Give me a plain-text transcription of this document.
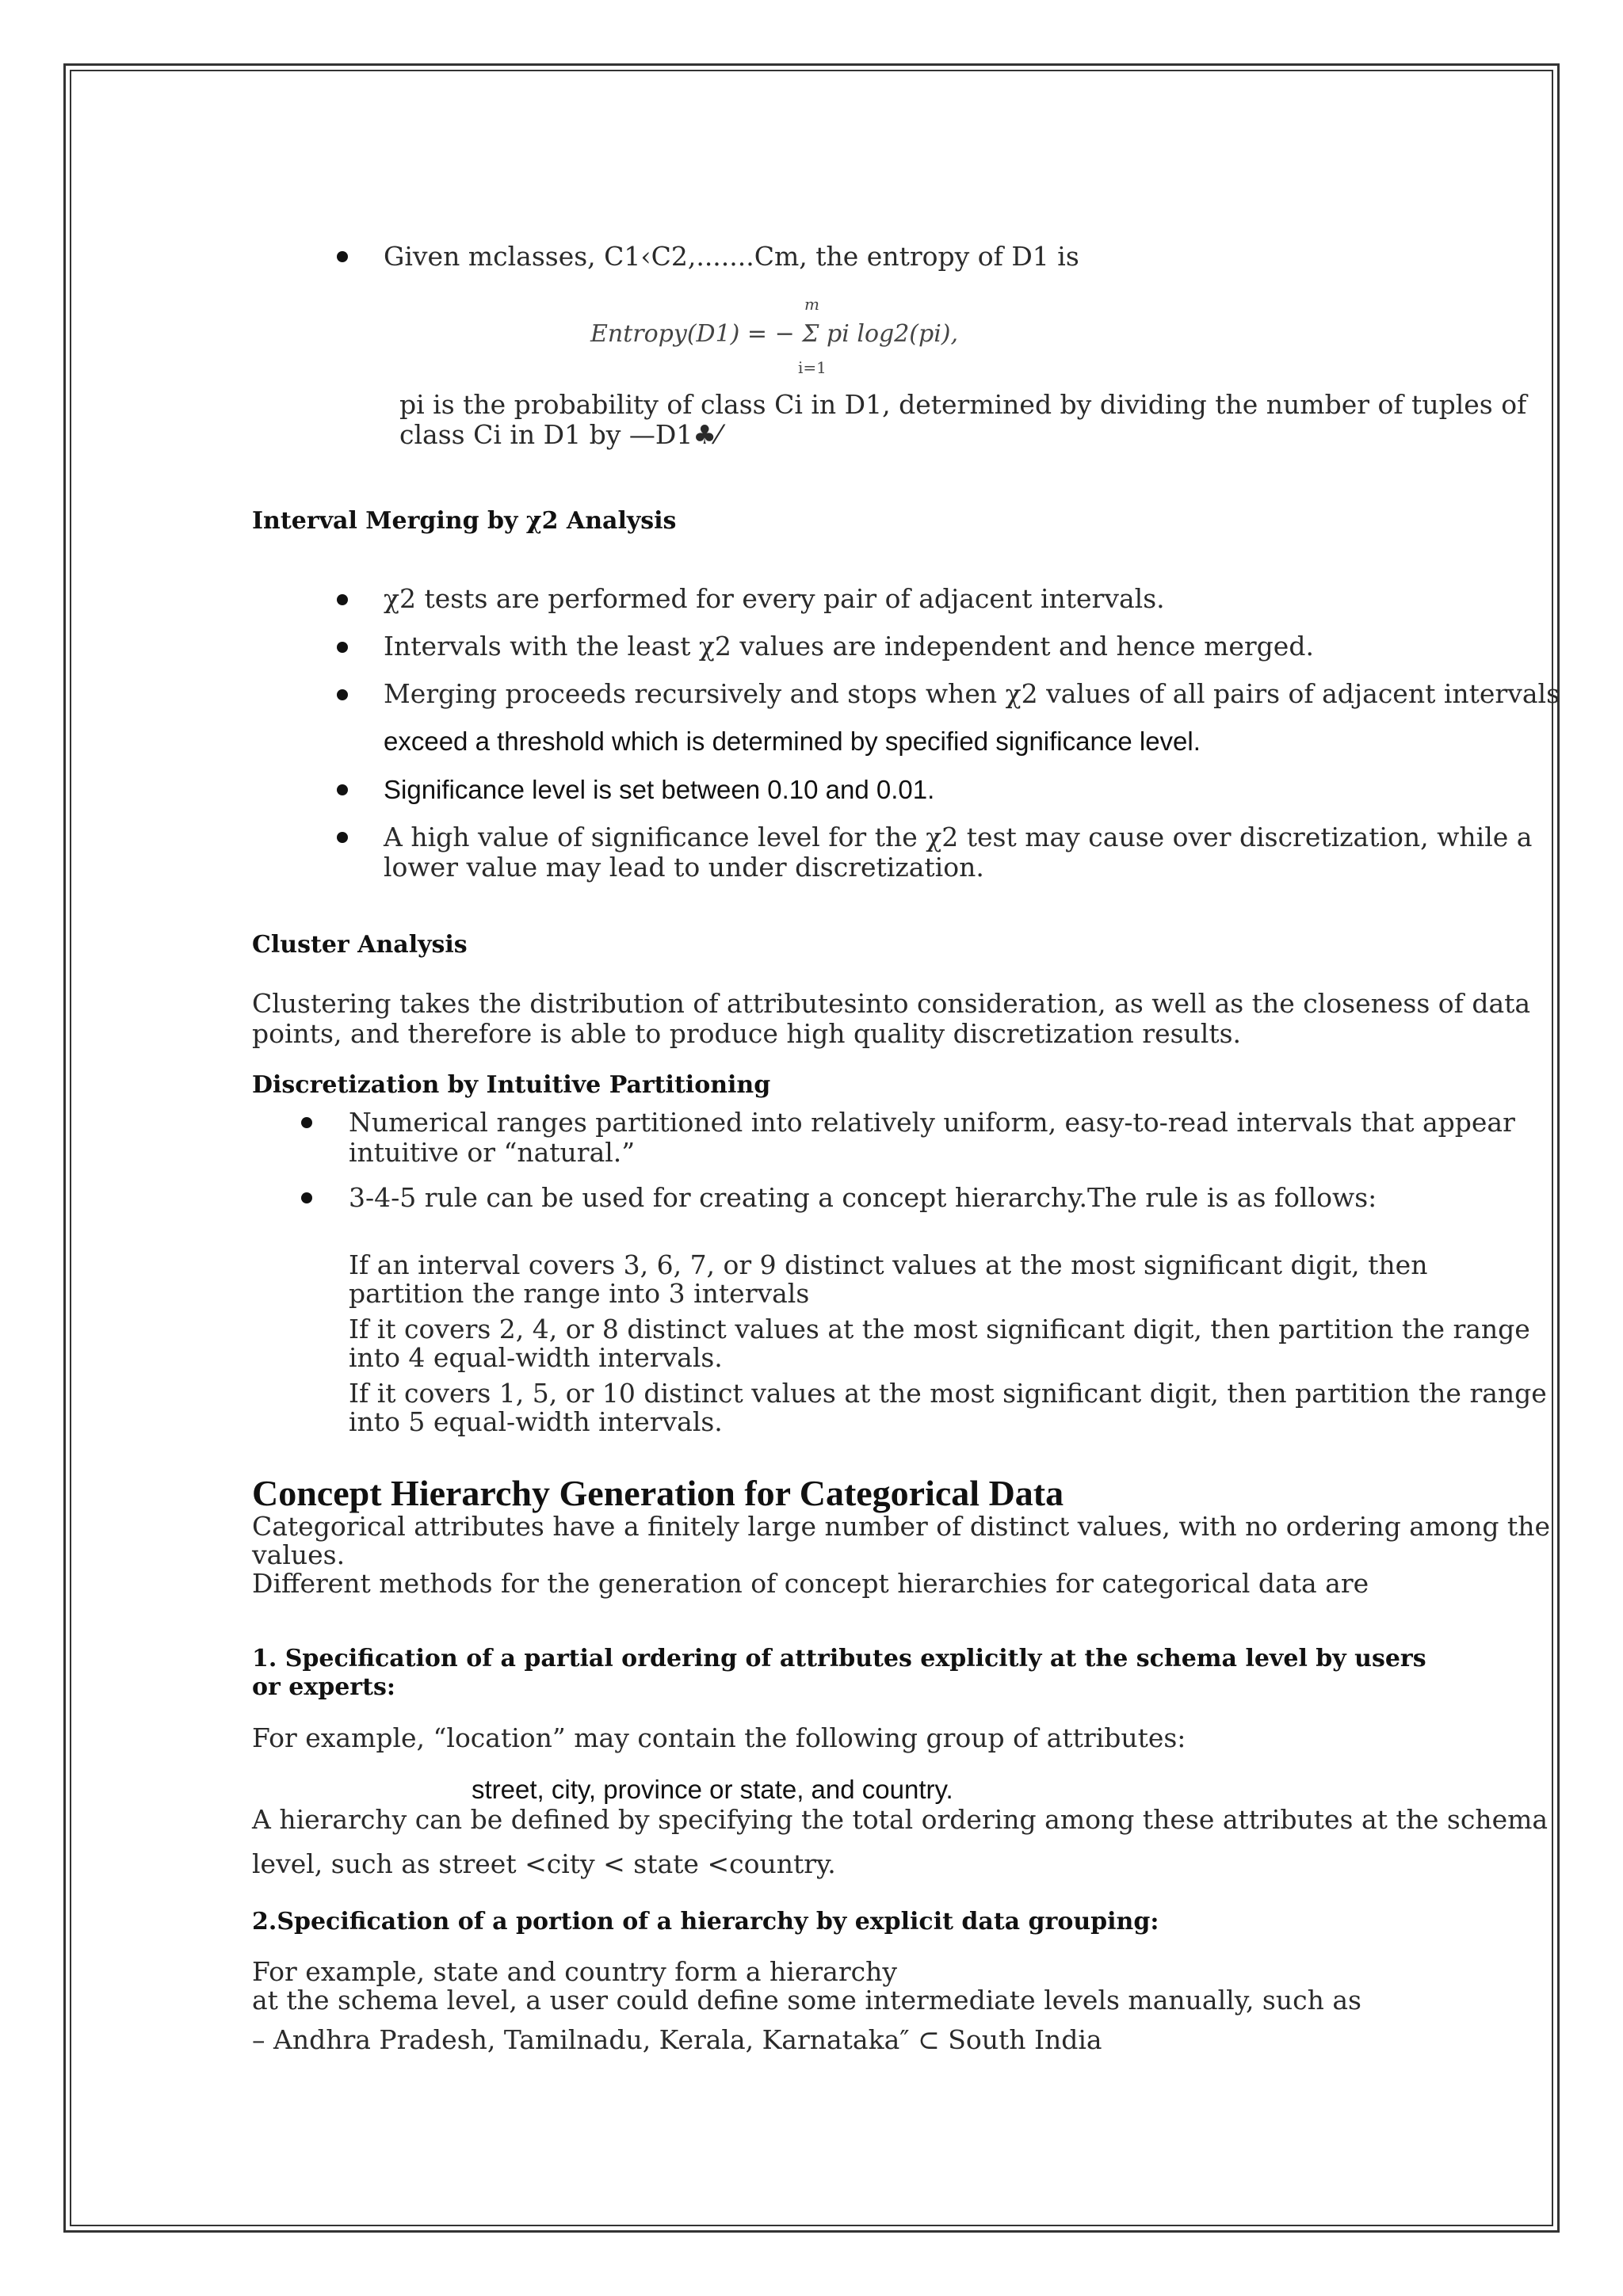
Given mclasses, C1‹C2,.......Cm, the entropy of D1 is
m
Entropy(D1) = − Σ pi log2(pi),
i=1
pi is the probability of class Ci in D1, determined by dividing the number of tuples of
class Ci in D1 by —D1♣⁄
Interval Merging by χ2 Analysis
χ2 tests are performed for every pair of adjacent intervals.
Intervals with the least χ2 values are independent and hence merged.
Merging proceeds recursively and stops when χ2 values of all pairs of adjacent intervals
exceed a threshold which is determined by specified significance level.
Significance level is set between 0.10 and 0.01.
A high value of significance level for the χ2 test may cause over discretization, while a
lower value may lead to under discretization.
Cluster Analysis
Clustering takes the distribution of attributesinto consideration, as well as the closeness of data
points, and therefore is able to produce high quality discretization results.
Discretization by Intuitive Partitioning
Numerical ranges partitioned into relatively uniform, easy-to-read intervals that appear
intuitive or “natural.”
3-4-5 rule can be used for creating a concept hierarchy.The rule is as follows:
If an interval covers 3, 6, 7, or 9 distinct values at the most significant digit, then
partition the range into 3 intervals
If it covers 2, 4, or 8 distinct values at the most significant digit, then partition the range
into 4 equal-width intervals.
If it covers 1, 5, or 10 distinct values at the most significant digit, then partition the range
into 5 equal-width intervals.
Concept Hierarchy Generation for Categorical Data
Categorical attributes have a finitely large number of distinct values, with no ordering among the
values.
Different methods for the generation of concept hierarchies for categorical data are
1. Specification of a partial ordering of attributes explicitly at the schema level by users
or experts:
For example, “location” may contain the following group of attributes:
street, city, province or state, and country.
A hierarchy can be defined by specifying the total ordering among these attributes at the schema
level, such as street <city < state <country.
2.Specification of a portion of a hierarchy by explicit data grouping:
For example, state and country form a hierarchy
at the schema level, a user could define some intermediate levels manually, such as
– Andhra Pradesh, Tamilnadu, Kerala, Karnataka″ ⊂ South India
